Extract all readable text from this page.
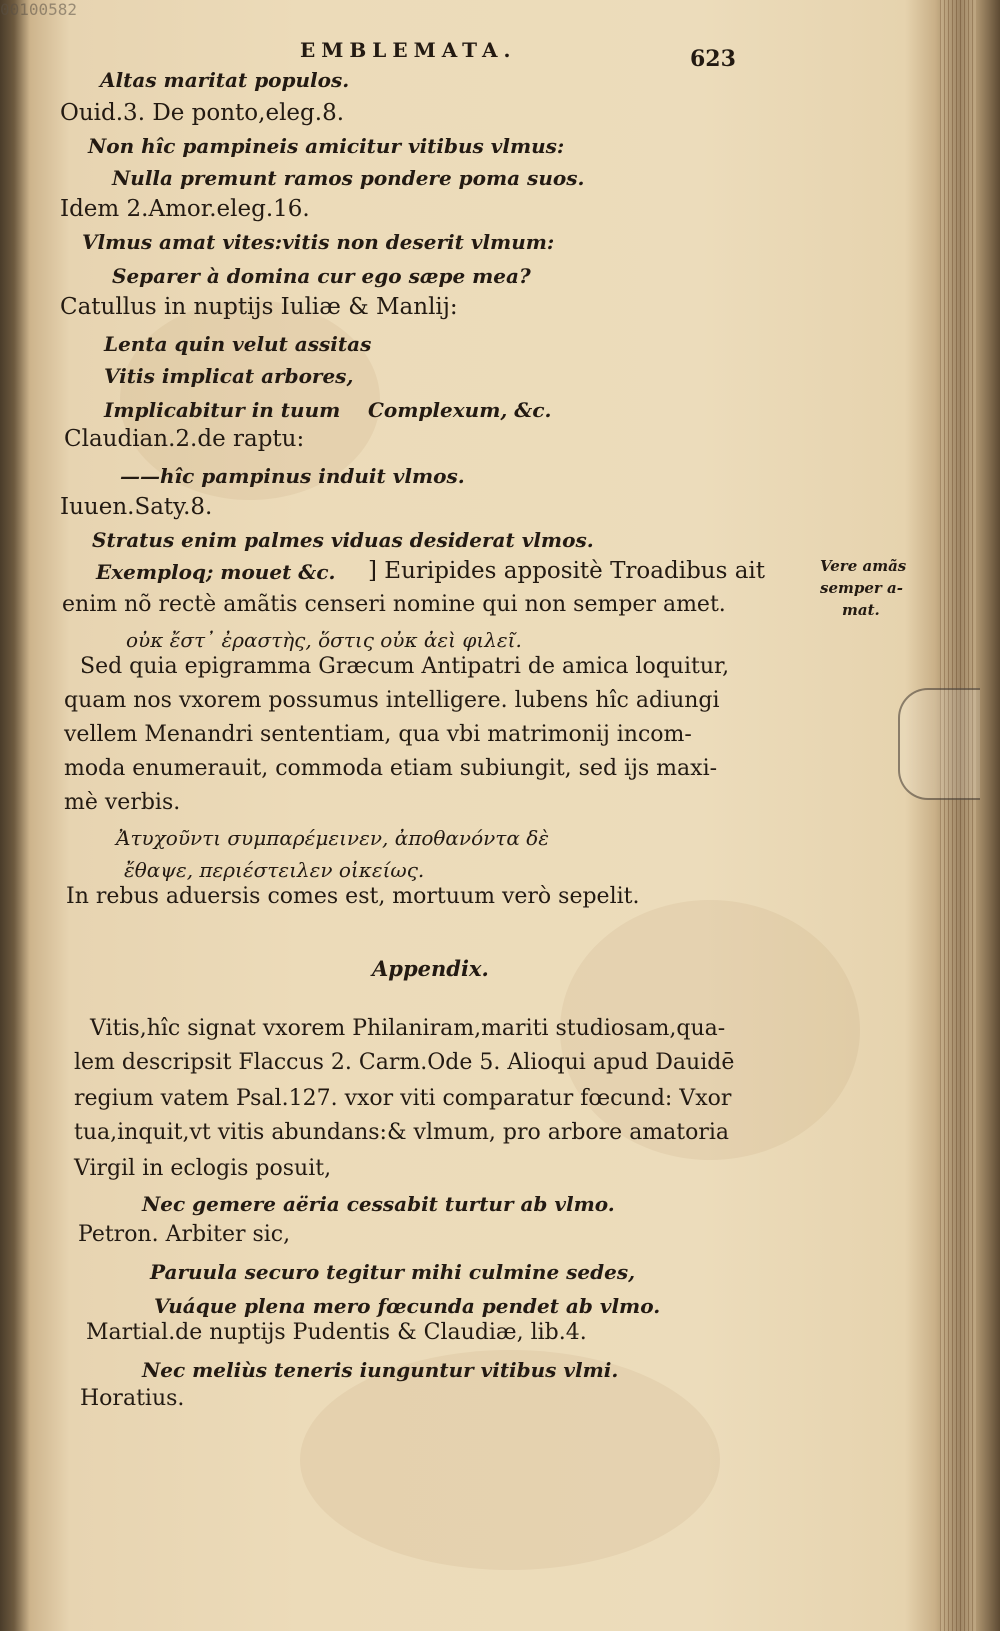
00100582
EMBLEMATA.	623
Altas maritat populos.
Ouid.3. De ponto,eleg.8.
Non hîc pampineis amicitur vitibus vlmus:
Nulla premunt ramos pondere poma suos.
Idem 2.Amor.eleg.16.
Vlmus amat vites:vitis non deserit vlmum:
Separer à domina cur ego sæpe mea?
Catullus in nuptijs Iuliæ & Manlij:
Lenta quin velut assitas
Vitis implicat arbores,
Implicabitur in tuum Complexum, &c.
Claudian.2.de raptu:
——hîc pampinus induit vlmos.
Iuuen.Saty.8.
Stratus enim palmes viduas desiderat vlmos.
Exemploq; mouet &c. ] Euripides appositè Troadibus ait
enim nõ rectè amãtis censeri nomine qui non semper amet.
οὐκ ἔστ᾽ ἐραστὴς, ὅστις οὐκ ἀεὶ φιλεῖ.
Sed quia epigramma Græcum Antipatri de amica loquitur,
quam nos vxorem possumus intelligere. lubens hîc adiungi
vellem Menandri sententiam, qua vbi matrimonij incom-
moda enumerauit, commoda etiam subiungit, sed ijs maxi-
mè verbis.
Ἀτυχοῦντι συμπαρέμεινεν, ἀποθανόντα δὲ
ἔθαψε, περιέστειλεν οἰκείως.
In rebus aduersis comes est, mortuum verò sepelit.
Appendix.
Vitis,hîc signat vxorem Philaniram,mariti studiosam,qua-
lem descripsit Flaccus 2. Carm.Ode 5. Alioqui apud Dauidē
regium vatem Psal.127. vxor viti comparatur fœcund: Vxor
tua,inquit,vt vitis abundans:& vlmum, pro arbore amatoria
Virgil in eclogis posuit,
Nec gemere aëria cessabit turtur ab vlmo.
Petron. Arbiter sic,
Paruula securo tegitur mihi culmine sedes,
Vuáque plena mero fœcunda pendet ab vlmo.
Martial.de nuptijs Pudentis & Claudiæ, lib.4.
Nec meliùs teneris iunguntur vitibus vlmi.
Horatius.
Vere amãs
semper a-
mat.
